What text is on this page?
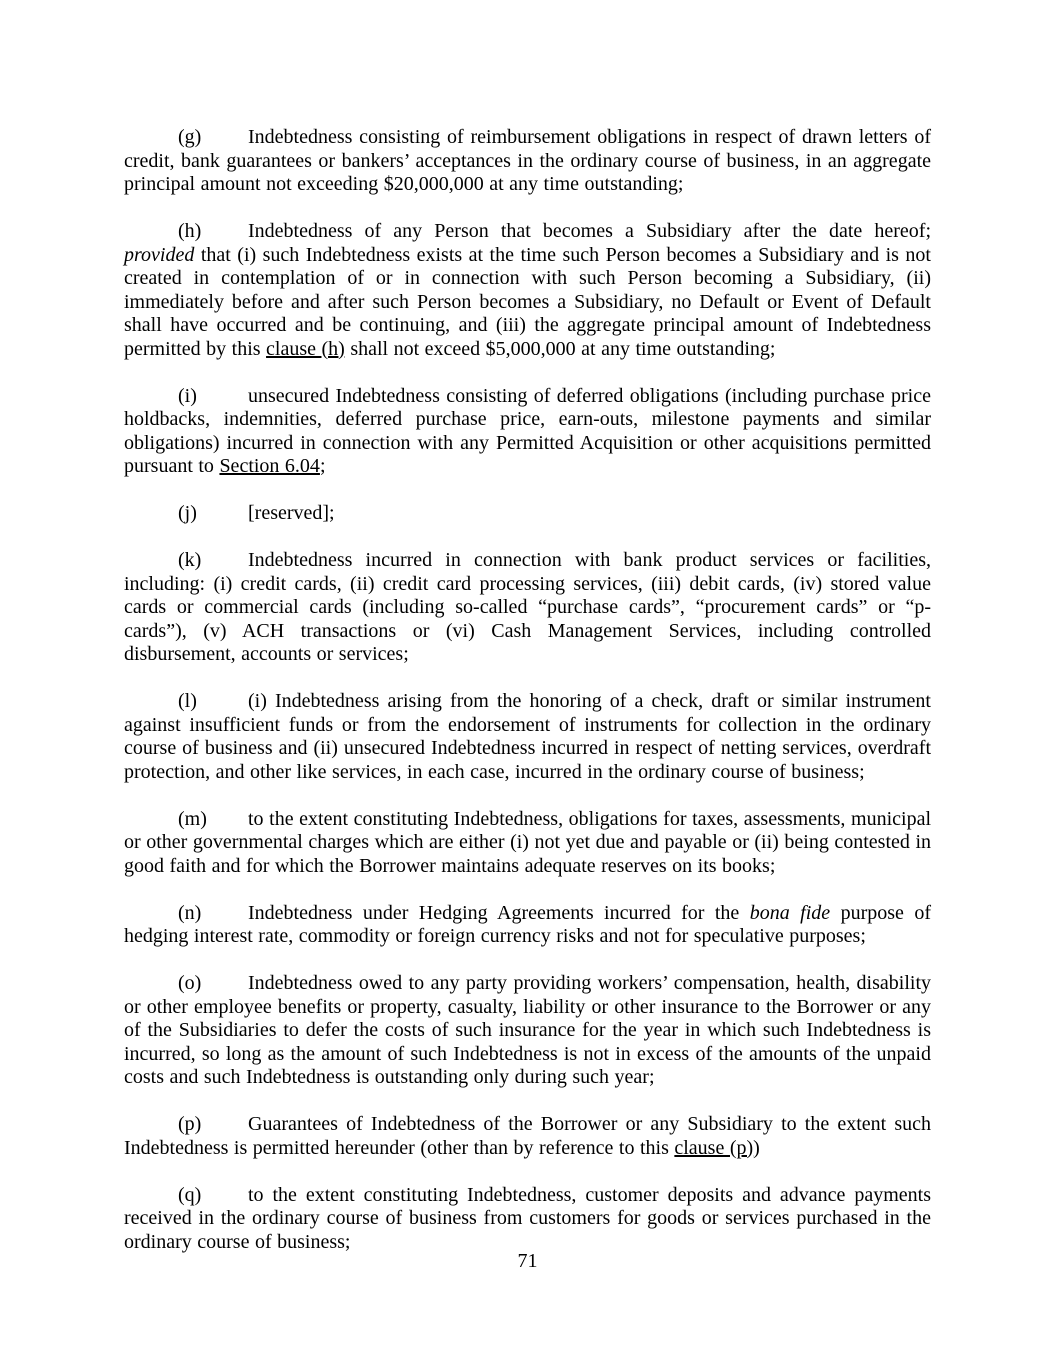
(g) Indebtedness consisting of reimbursement obligations in respect of drawn letters of credit, bank guarantees or bankers’ acceptances in the ordinary course of business, in an aggregate principal amount not exceeding $20,000,000 at any time outstanding;

(h) Indebtedness of any Person that becomes a Subsidiary after the date hereof; provided that (i) such Indebtedness exists at the time such Person becomes a Subsidiary and is not created in contemplation of or in connection with such Person becoming a Subsidiary, (ii) immediately before and after such Person becomes a Subsidiary, no Default or Event of Default shall have occurred and be continuing, and (iii) the aggregate principal amount of Indebtedness permitted by this clause (h) shall not exceed $5,000,000 at any time outstanding;

(i)	unsecured Indebtedness consisting of deferred obligations (including purchase price holdbacks, indemnities, deferred purchase price, earn-outs, milestone payments and similar obligations) incurred in connection with any Permitted Acquisition or other acquisitions permitted pursuant to Section 6.04;

(j)	[reserved];

(k) Indebtedness incurred in connection with bank product services or facilities, including: (i) credit cards, (ii) credit card processing services, (iii) debit cards, (iv) stored value cards or commercial cards (including so-called “purchase cards”, “procurement cards” or “p-cards”), (v) ACH transactions or (vi) Cash Management Services, including controlled disbursement, accounts or services;

(l)	(i) Indebtedness arising from the honoring of a check, draft or similar instrument against insufficient funds or from the endorsement of instruments for collection in the ordinary course of business and (ii) unsecured Indebtedness incurred in respect of netting services, overdraft protection, and other like services, in each case, incurred in the ordinary course of business;

(m) to the extent constituting Indebtedness, obligations for taxes, assessments, municipal or other governmental charges which are either (i) not yet due and payable or (ii) being contested in good faith and for which the Borrower maintains adequate reserves on its books;

(n) Indebtedness under Hedging Agreements incurred for the bona fide purpose of hedging interest rate, commodity or foreign currency risks and not for speculative purposes;

(o) Indebtedness owed to any party providing workers’ compensation, health, disability or other employee benefits or property, casualty, liability or other insurance to the Borrower or any of the Subsidiaries to defer the costs of such insurance for the year in which such Indebtedness is incurred, so long as the amount of such Indebtedness is not in excess of the amounts of the unpaid costs and such Indebtedness is outstanding only during such year;

(p) Guarantees of Indebtedness of the Borrower or any Subsidiary to the extent such Indebtedness is permitted hereunder (other than by reference to this clause (p))

(q) to the extent constituting Indebtedness, customer deposits and advance payments received in the ordinary course of business from customers for goods or services purchased in the ordinary course of business;

71
